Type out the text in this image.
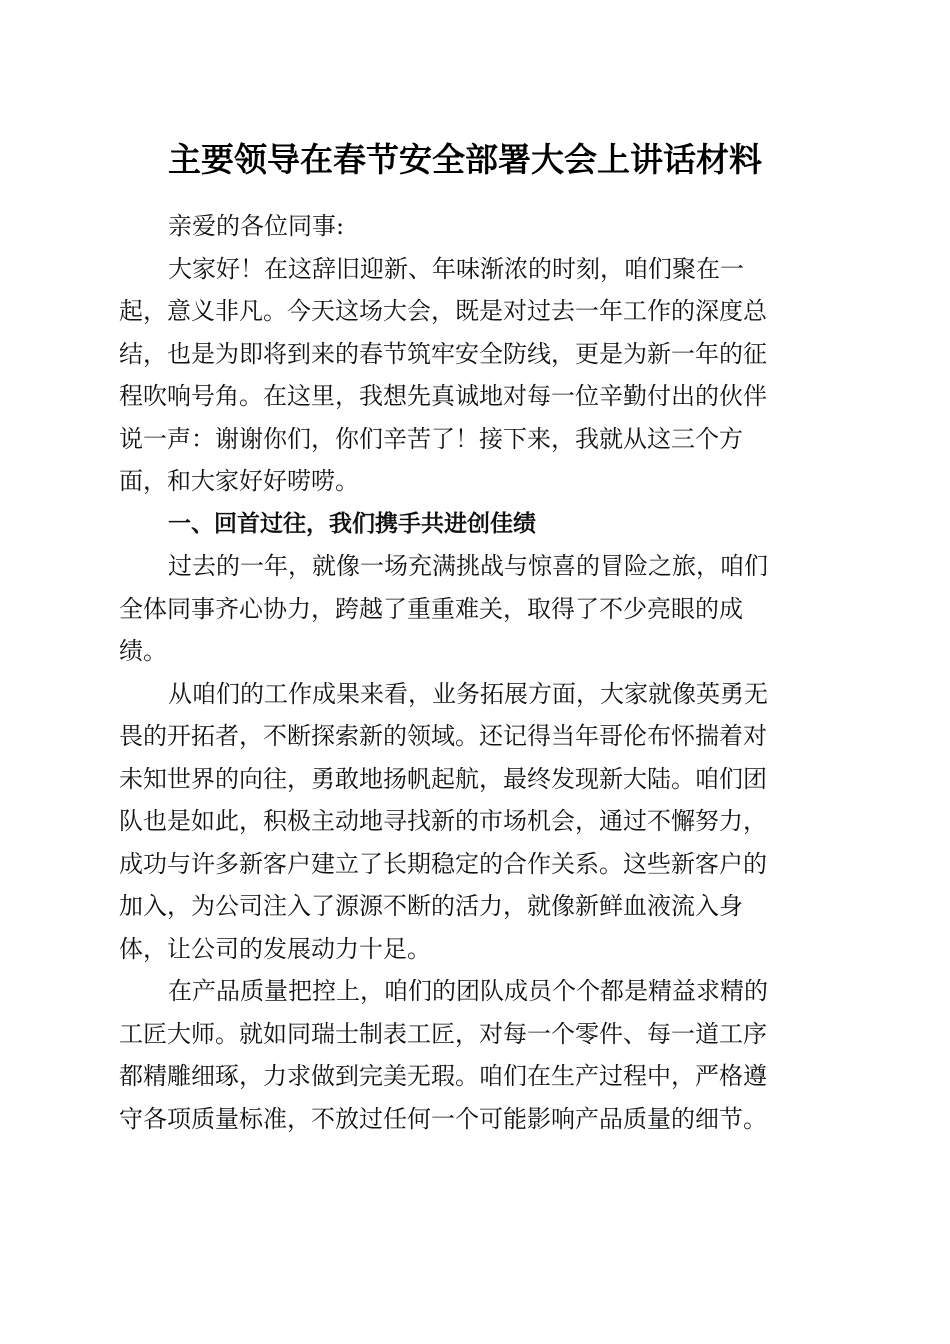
主要领导在春节安全部署大会上讲话材料
亲爱的各位同事:
大家好！在这辞旧迎新、年味渐浓的时刻，咱们聚在一
起，意义非凡。今天这场大会，既是对过去一年工作的深度总
结，也是为即将到来的春节筑牢安全防线，更是为新一年的征
程吹响号角。在这里，我想先真诚地对每一位辛勤付出的伙伴
说一声：谢谢你们，你们辛苦了！接下来，我就从这三个方
面，和大家好好唠唠。
一、回首过往，我们携手共进创佳绩
过去的一年，就像一场充满挑战与惊喜的冒险之旅，咱们
全体同事齐心协力，跨越了重重难关，取得了不少亮眼的成
绩。
从咱们的工作成果来看，业务拓展方面，大家就像英勇无
畏的开拓者，不断探索新的领域。还记得当年哥伦布怀揣着对
未知世界的向往，勇敢地扬帆起航，最终发现新大陆。咱们团
队也是如此，积极主动地寻找新的市场机会，通过不懈努力，
成功与许多新客户建立了长期稳定的合作关系。这些新客户的
加入，为公司注入了源源不断的活力，就像新鲜血液流入身
体，让公司的发展动力十足。
在产品质量把控上，咱们的团队成员个个都是精益求精的
工匠大师。就如同瑞士制表工匠，对每一个零件、每一道工序
都精雕细琢，力求做到完美无瑕。咱们在生产过程中，严格遵
守各项质量标准，不放过任何一个可能影响产品质量的细节。
